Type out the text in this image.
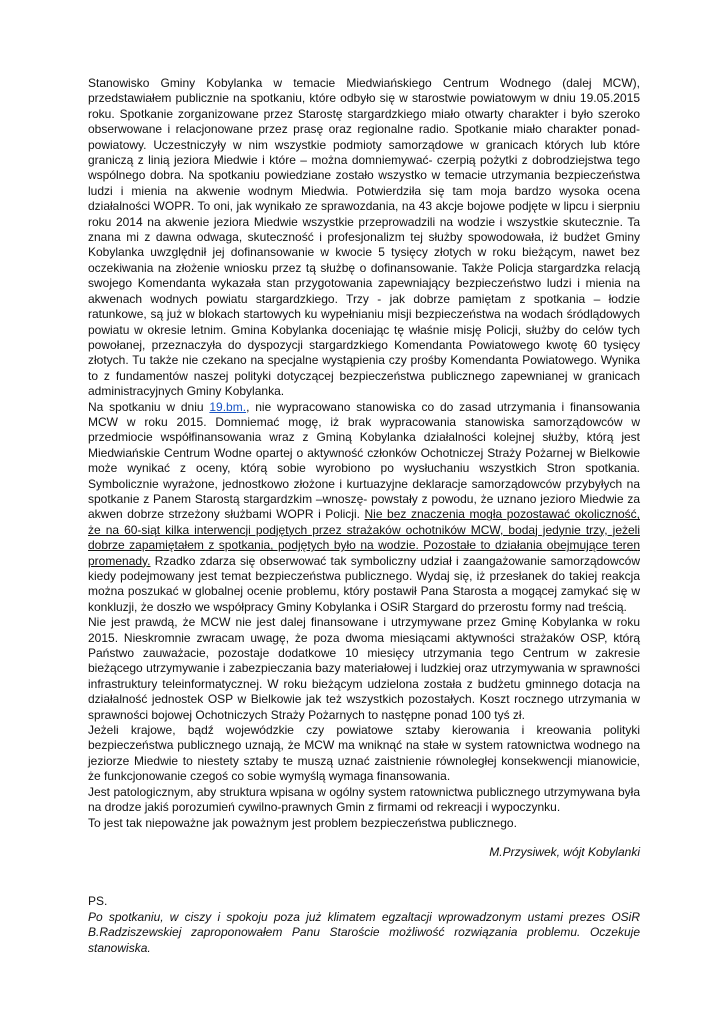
Stanowisko Gminy Kobylanka w temacie Miedwiańskiego Centrum Wodnego (dalej MCW), przedstawiałem publicznie na spotkaniu, które odbyło się w starostwie powiatowym w dniu 19.05.2015 roku. Spotkanie zorganizowane przez Starostę stargardzkiego miało otwarty charakter i było szeroko obserwowane i relacjonowane przez prasę oraz regionalne radio. Spotkanie miało charakter ponad-powiatowy. Uczestniczyły w nim wszystkie podmioty samorządowe w granicach których lub które graniczą z linią jeziora Miedwie i które – można domniemywać- czerpią pożytki z dobrodziejstwa tego wspólnego dobra. Na spotkaniu powiedziane zostało wszystko w temacie utrzymania bezpieczeństwa ludzi i mienia na akwenie wodnym Miedwia. Potwierdziła się tam moja bardzo wysoka ocena działalności WOPR. To oni, jak wynikało ze sprawozdania, na 43 akcje bojowe podjęte w lipcu i sierpniu roku 2014 na akwenie jeziora Miedwie wszystkie przeprowadzili na wodzie i wszystkie skutecznie. Ta znana mi z dawna odwaga, skuteczność i profesjonalizm tej służby spowodowała, iż budżet Gminy Kobylanka uwzględnił jej dofinansowanie w kwocie 5 tysięcy złotych w roku bieżącym, nawet bez oczekiwania na złożenie wniosku przez tą służbę o dofinansowanie. Także Policja stargardzka relacją swojego Komendanta wykazała stan przygotowania zapewniający bezpieczeństwo ludzi i mienia na akwenach wodnych powiatu stargardzkiego. Trzy - jak dobrze pamiętam z spotkania – łodzie ratunkowe, są już w blokach startowych ku wypełnianiu misji bezpieczeństwa na wodach śródlądowych powiatu w okresie letnim. Gmina Kobylanka doceniając tę właśnie misję Policji, służby do celów tych powołanej, przeznaczyła do dyspozycji stargardzkiego Komendanta Powiatowego kwotę 60 tysięcy złotych. Tu także nie czekano na specjalne wystąpienia czy prośby Komendanta Powiatowego. Wynika to z fundamentów naszej polityki dotyczącej bezpieczeństwa publicznego zapewnianej w granicach administracyjnych Gminy Kobylanka.

Na spotkaniu w dniu 19.bm., nie wypracowano stanowiska co do zasad utrzymania i finansowania MCW w roku 2015. Domniemać mogę, iż brak wypracowania stanowiska samorządowców w przedmiocie współfinansowania wraz z Gminą Kobylanka działalności kolejnej służby, którą jest Miedwiańskie Centrum Wodne opartej o aktywność członków Ochotniczej Straży Pożarnej w Bielkowie może wynikać z oceny, którą sobie wyrobiono po wysłuchaniu wszystkich Stron spotkania. Symbolicznie wyrażone, jednostkowo złożone i kurtuazyjne deklaracje samorządowców przybyłych na spotkanie z Panem Starostą stargardzkim –wnoszę- powstały z powodu, że uznano jezioro Miedwie za akwen dobrze strzeżony służbami WOPR i Policji. Nie bez znaczenia mogła pozostawać okoliczność, że na 60-siąt kilka interwencji podjętych przez strażaków ochotników MCW, bodaj jedynie trzy, jeżeli dobrze zapamiętałem z spotkania, podjętych było na wodzie. Pozostałe to działania obejmujące teren promenady. Rzadko zdarza się obserwować tak symboliczny udział i zaangażowanie samorządowców kiedy podejmowany jest temat bezpieczeństwa publicznego. Wydaj się, iż przesłanek do takiej reakcja można poszukać w globalnej ocenie problemu, który postawił Pana Starosta a mogącej zamykać się w konkluzji, że doszło we współpracy Gminy Kobylanka i OSiR Stargard do przerostu formy nad treścią.

Nie jest prawdą, że MCW nie jest dalej finansowane i utrzymywane przez Gminę Kobylanka w roku 2015. Nieskromnie zwracam uwagę, że poza dwoma miesiącami aktywności strażaków OSP, którą Państwo zauważacie, pozostaje dodatkowe 10 miesięcy utrzymania tego Centrum w zakresie bieżącego utrzymywanie i zabezpieczania bazy materiałowej i ludzkiej oraz utrzymywania w sprawności infrastruktury teleinformatycznej. W roku bieżącym udzielona została z budżetu gminnego dotacja na działalność jednostek OSP w Bielkowie jak też wszystkich pozostałych. Koszt rocznego utrzymania w sprawności bojowej Ochotniczych Straży Pożarnych to następne ponad 100 tyś zł.

Jeżeli krajowe, bądź wojewódzkie czy powiatowe sztaby kierowania i kreowania polityki bezpieczeństwa publicznego uznają, że MCW ma wniknąć na stałe w system ratownictwa wodnego na jeziorze Miedwie to niestety sztaby te muszą uznać zaistnienie równoległej konsekwencji mianowicie, że funkcjonowanie czegoś co sobie wymyślą wymaga finansowania.

Jest patologicznym, aby struktura wpisana w ogólny system ratownictwa publicznego utrzymywana była na drodze jakiś porozumień cywilno-prawnych Gmin z firmami od rekreacji i wypoczynku.

To jest tak niepoważne jak poważnym jest problem bezpieczeństwa publicznego.

M.Przysiwek, wójt Kobylanki

PS.

Po spotkaniu, w ciszy i spokoju poza już klimatem egzaltacji wprowadzonym ustami prezes OSiR B.Radziszewskiej zaproponowałem Panu Staroście możliwość rozwiązania problemu. Oczekuje stanowiska.
